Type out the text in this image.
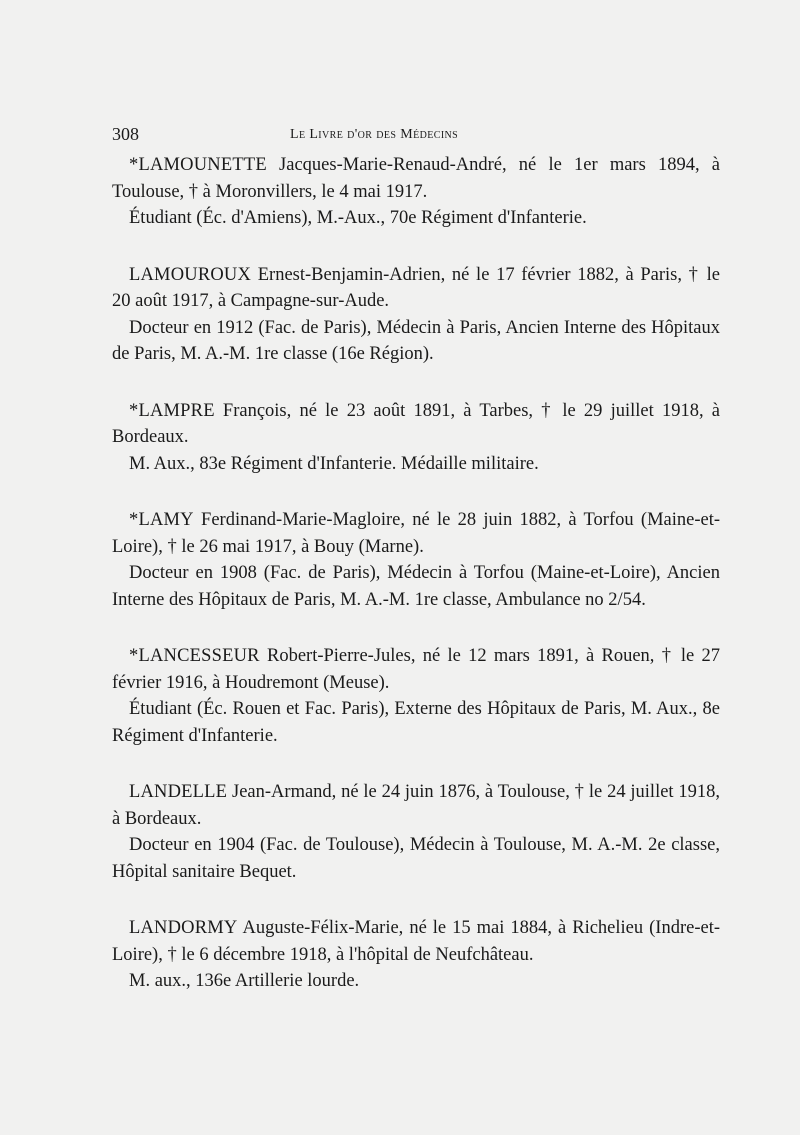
308	Le Livre d'or des Médecins

*LAMOUNETTE Jacques-Marie-Renaud-André, né le 1er mars 1894, à Toulouse, † à Moronvillers, le 4 mai 1917.

Étudiant (Éc. d'Amiens), M.-Aux., 70e Régiment d'Infanterie.

LAMOUROUX Ernest-Benjamin-Adrien, né le 17 février 1882, à Paris, † le 20 août 1917, à Campagne-sur-Aude.

Docteur en 1912 (Fac. de Paris), Médecin à Paris, Ancien Interne des Hôpitaux de Paris, M. A.-M. 1re classe (16e Région).

*LAMPRE François, né le 23 août 1891, à Tarbes, † le 29 juillet 1918, à Bordeaux.

M. Aux., 83e Régiment d'Infanterie. Médaille militaire.

*LAMY Ferdinand-Marie-Magloire, né le 28 juin 1882, à Torfou (Maine-et-Loire), † le 26 mai 1917, à Bouy (Marne).

Docteur en 1908 (Fac. de Paris), Médecin à Torfou (Maine-et-Loire), Ancien Interne des Hôpitaux de Paris, M. A.-M. 1re classe, Ambulance no 2/54.

*LANCESSEUR Robert-Pierre-Jules, né le 12 mars 1891, à Rouen, † le 27 février 1916, à Houdremont (Meuse).

Étudiant (Éc. Rouen et Fac. Paris), Externe des Hôpitaux de Paris, M. Aux., 8e Régiment d'Infanterie.

LANDELLE Jean-Armand, né le 24 juin 1876, à Toulouse, † le 24 juillet 1918, à Bordeaux.

Docteur en 1904 (Fac. de Toulouse), Médecin à Toulouse, M. A.-M. 2e classe, Hôpital sanitaire Bequet.

LANDORMY Auguste-Félix-Marie, né le 15 mai 1884, à Richelieu (Indre-et-Loire), † le 6 décembre 1918, à l'hôpital de Neufchâteau.

M. aux., 136e Artillerie lourde.
